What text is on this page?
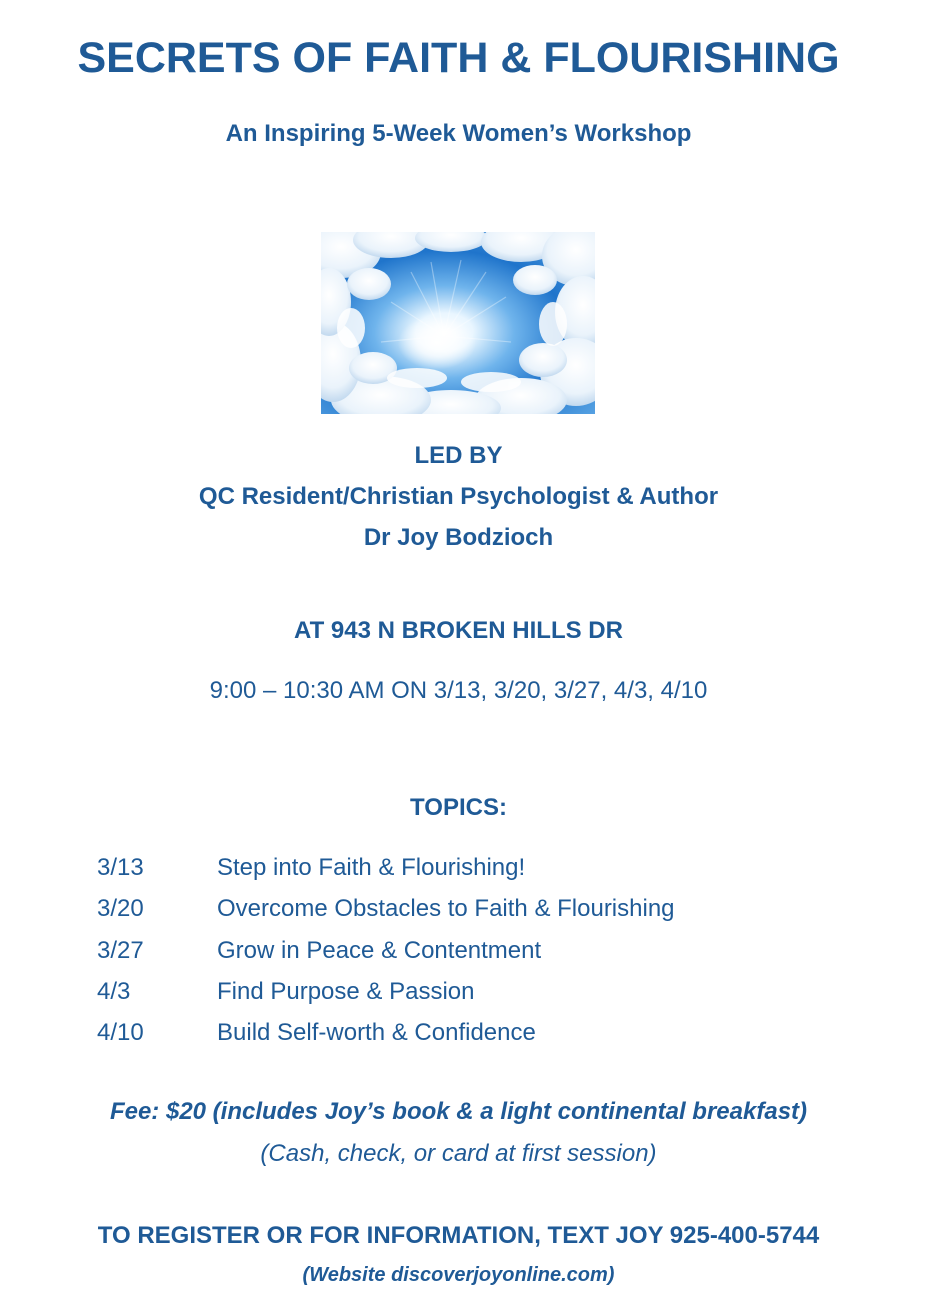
SECRETS OF FAITH & FLOURISHING
An Inspiring 5-Week Women’s Workshop
LED BY
QC Resident/Christian Psychologist & Author
Dr Joy Bodzioch
AT 943 N BROKEN HILLS DR
9:00 – 10:30 AM ON 3/13, 3/20, 3/27, 4/3, 4/10
TOPICS:
3/13	Step into Faith & Flourishing!
3/20	Overcome Obstacles to Faith & Flourishing
3/27	Grow in Peace & Contentment
4/3	Find Purpose & Passion
4/10	Build Self-worth & Confidence
Fee: $20 (includes Joy’s book & a light continental breakfast)
(Cash, check, or card at first session)
TO REGISTER OR FOR INFORMATION, TEXT JOY 925-400-5744
(Website discoverjoyonline.com)
